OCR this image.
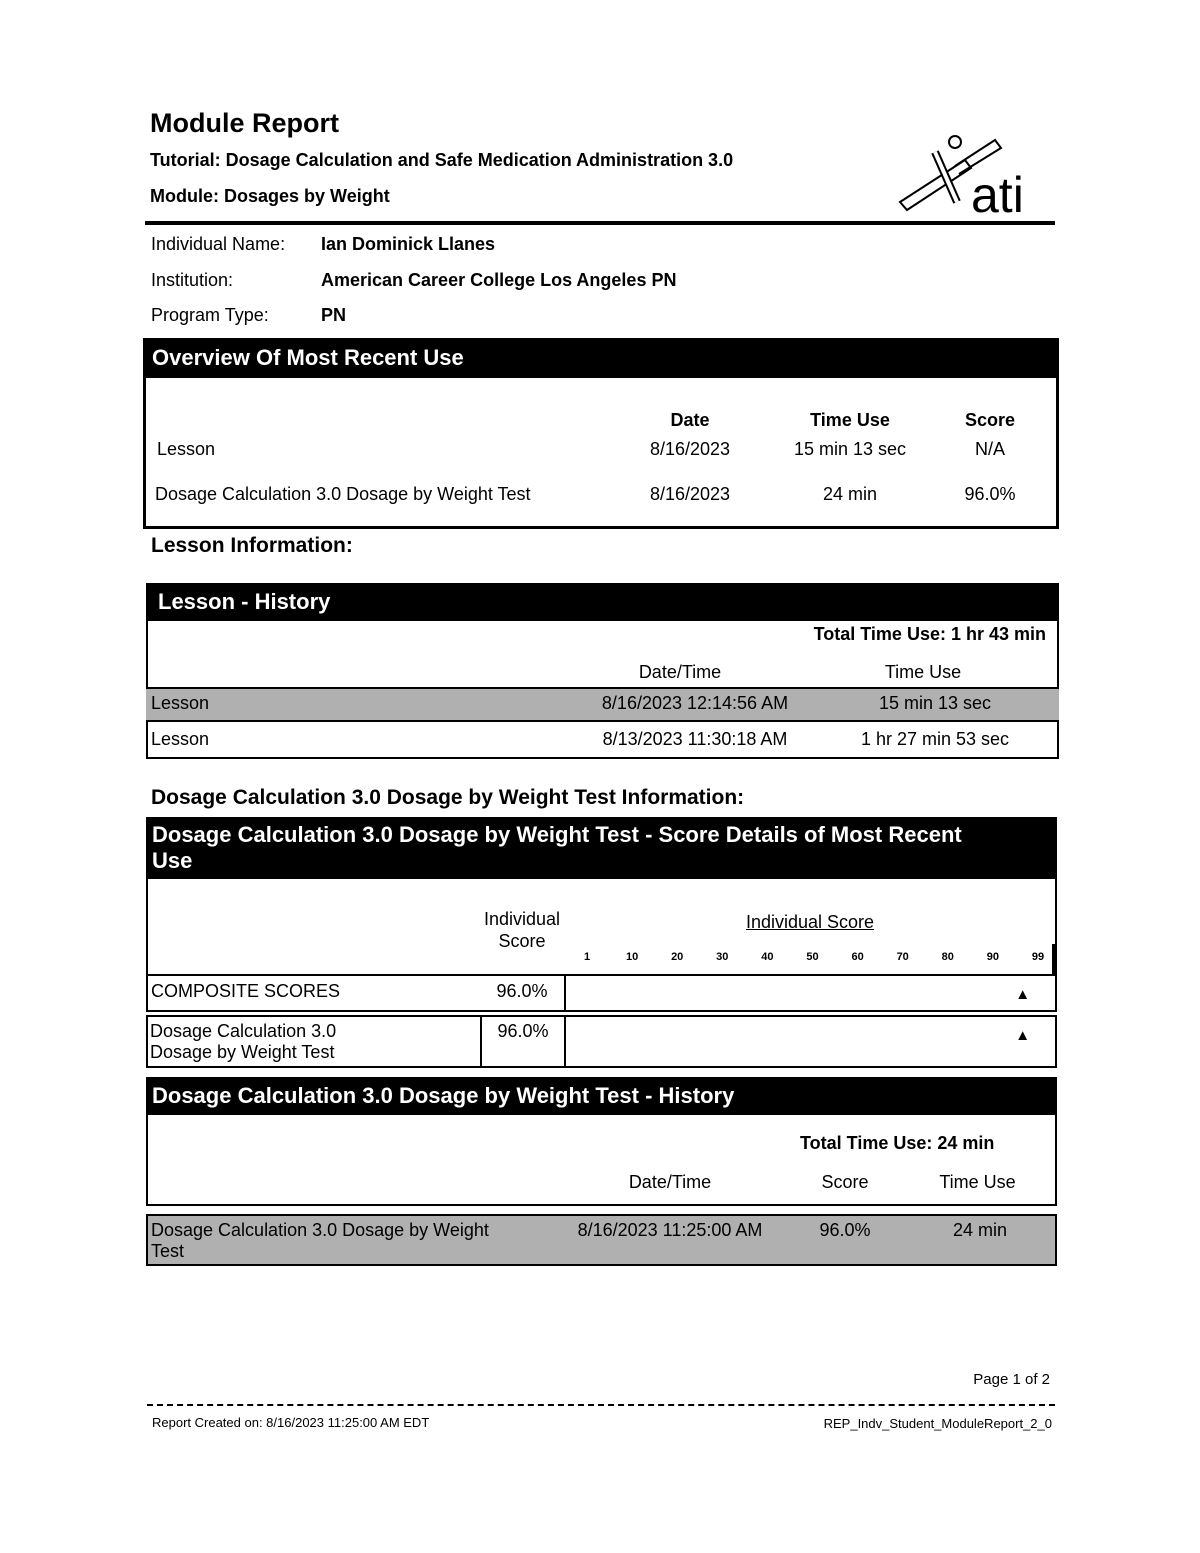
Module Report
Tutorial: Dosage Calculation and Safe Medication Administration 3.0
Module: Dosages by Weight	ati
Individual Name: Ian Dominick Llanes
Institution:	American Career College Los Angeles PN
Program Type:	PN
Overview Of Most Recent Use
Date	Time Use	Score
Lesson	8/16/2023	15 min 13 sec	N/A
Dosage Calculation 3.0 Dosage by Weight Test	8/16/2023	24 min	96.0%
Lesson Information:
Lesson - History
Total Time Use: 1 hr 43 min
Date/Time	Time Use
Lesson	8/16/2023 12:14:56 AM	15 min 13 sec
Lesson	8/13/2023 11:30:18 AM	1 hr 27 min 53 sec
Dosage Calculation 3.0 Dosage by Weight Test Information:
Dosage Calculation 3.0 Dosage by Weight Test - Score Details of Most Recent
Use
Individual
Score
Individual Score
1	10	20	30	40	50	60	70	80	90	99
COMPOSITE SCORES	96.0%	▲
Dosage Calculation 3.0
Dosage by Weight Test
96.0%	▲
Dosage Calculation 3.0 Dosage by Weight Test - History
Total Time Use: 24 min
Date/Time	Score	Time Use
Dosage Calculation 3.0 Dosage by Weight
Test
8/16/2023 11:25:00 AM	96.0%	24 min
Page 1 of 2
Report Created on: 8/16/2023 11:25:00 AM EDT	REP_Indv_Student_ModuleReport_2_0
